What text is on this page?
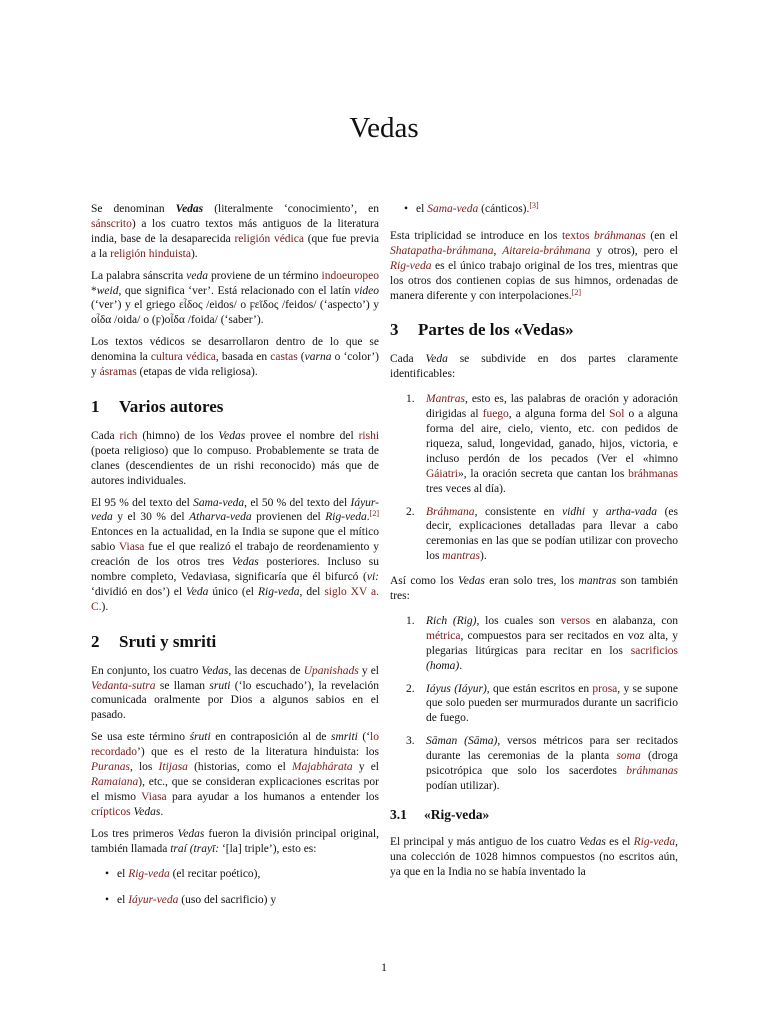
Vedas

Se denominan Vedas (literalmente ‘conocimiento’, en sánscrito) a los cuatro textos más antiguos de la literatura india, base de la desaparecida religión védica (que fue previa a la religión hinduista).

La palabra sánscrita veda proviene de un término indoeuropeo *weid, que significa ‘ver’. Está relacionado con el latín video (‘ver’) y el griego εἶδος /eidos/ o ϝεῖδος /feidos/ (‘aspecto’) y οἶδα /oida/ o (ϝ)οἶδα /foida/ (‘saber’).

Los textos védicos se desarrollaron dentro de lo que se denomina la cultura védica, basada en castas (varna o ‘color’) y ásramas (etapas de vida religiosa).

1 Varios autores

Cada rich (himno) de los Vedas provee el nombre del rishi (poeta religioso) que lo compuso. Probablemente se trata de clanes (descendientes de un rishi reconocido) más que de autores individuales.

El 95 % del texto del Sama-veda, el 50 % del texto del Iáyur-veda y el 30 % del Atharva-veda provienen del Rig-veda.[2] Entonces en la actualidad, en la India se supone que el mítico sabio Viasa fue el que realizó el trabajo de reordenamiento y creación de los otros tres Vedas posteriores. Incluso su nombre completo, Vedaviasa, significaría que él bifurcó (vi: ‘dividió en dos’) el Veda único (el Rig-veda, del siglo XV a. C.).

2 Sruti y smriti

En conjunto, los cuatro Vedas, las decenas de Upanishads y el Vedanta-sutra se llaman sruti (‘lo escuchado’), la revelación comunicada oralmente por Dios a algunos sabios en el pasado.

Se usa este término śruti en contraposición al de smriti (‘lo recordado’) que es el resto de la literatura hinduista: los Puranas, los Itijasa (historias, como el Majabhárata y el Ramaiana), etc., que se consideran explicaciones escritas por el mismo Viasa para ayudar a los humanos a entender los crípticos Vedas.

Los tres primeros Vedas fueron la división principal original, también llamada traí (trayī: ‘[la] triple’), esto es:

• el Rig-veda (el recitar poético),
• el Iáyur-veda (uso del sacrificio) y
• el Sama-veda (cánticos).[3]

Esta triplicidad se introduce en los textos bráhmanas (en el Shatapatha-bráhmana, Aitareia-bráhmana y otros), pero el Rig-veda es el único trabajo original de los tres, mientras que los otros dos contienen copias de sus himnos, ordenadas de manera diferente y con interpolaciones.[2]

3 Partes de los «Vedas»

Cada Veda se subdivide en dos partes claramente identificables:

1. Mantras, esto es, las palabras de oración y adoración dirigidas al fuego, a alguna forma del Sol o a alguna forma del aire, cielo, viento, etc. con pedidos de riqueza, salud, longevidad, ganado, hijos, victoria, e incluso perdón de los pecados (Ver el «himno Gáiatri», la oración secreta que cantan los bráhmanas tres veces al día).
2. Bráhmana, consistente en vidhi y artha-vada (es decir, explicaciones detalladas para llevar a cabo ceremonias en las que se podían utilizar con provecho los mantras).

Así como los Vedas eran solo tres, los mantras son también tres:

1. Rich (Rig), los cuales son versos en alabanza, con métrica, compuestos para ser recitados en voz alta, y plegarias litúrgicas para recitar en los sacrificios (homa).
2. Iáyus (Iáyur), que están escritos en prosa, y se supone que solo pueden ser murmurados durante un sacrificio de fuego.
3. Sāman (Sāma), versos métricos para ser recitados durante las ceremonias de la planta soma (droga psicotrópica que solo los sacerdotes bráhmanas podían utilizar).
3.1 «Rig-veda»

El principal y más antiguo de los cuatro Vedas es el Rig-veda, una colección de 1028 himnos compuestos (no escritos aún, ya que en la India no se había inventado la

1
